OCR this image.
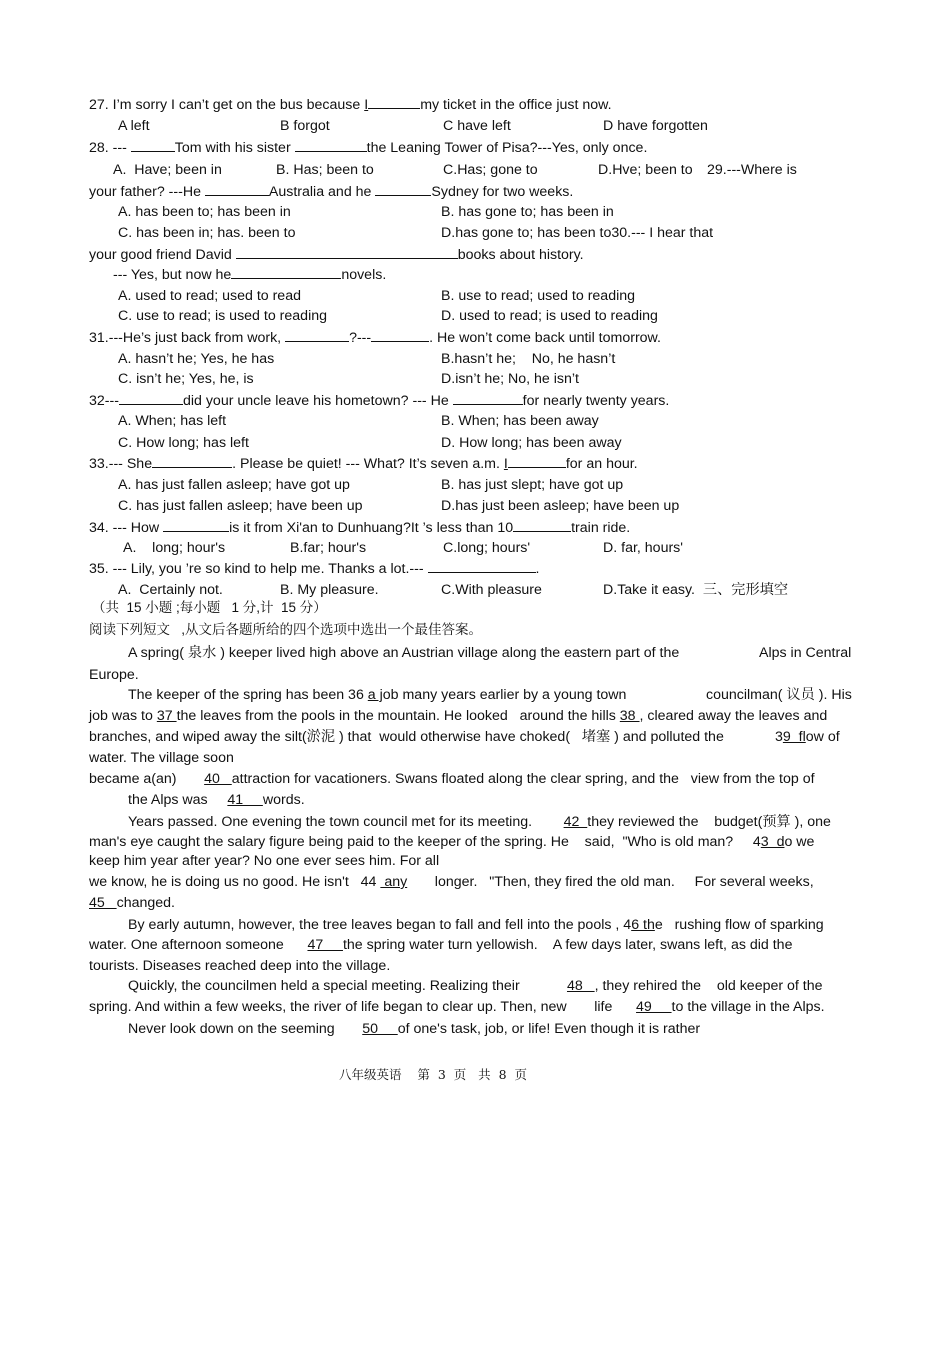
27. I’m sorry I can’t get on the bus because I	my ticket in the office just now.
A left	B forgot	C have left	D have forgotten
28. ---	Tom with his sister	the Leaning Tower of Pisa?---Yes, only once.
A.  Have; been in	B. Has; been to	C.Has; gone to	D.Hve; been to 29.---Where is
your father? ---He	Australia and he	Sydney for two weeks.
A. has been to; has been in	B. has gone to; has been in
C. has been in; has. been to	D.has gone to; has been to30.--- I hear that
your good friend David	books about history.
--- Yes, but now he	novels.
A. used to read; used to read	B. use to read; used to reading
C. use to read; is used to reading	D. used to read; is used to reading
31.---He’s just back from work,	?---	. He won’t come back until tomorrow.
A. hasn’t he; Yes, he has	B.hasn’t he;    No, he hasn’t
C. isn’t he; Yes, he, is	D.isn’t he; No, he isn’t
32---	did your uncle leave his hometown? --- He	for nearly twenty years.
A. When; has left	B. When; has been away
C. How long; has left	D. How long; has been away
33.--- She	. Please be quiet! --- What? It’s seven a.m. I	for an hour.
A. has just fallen asleep; have got up	B. has just slept; have got up
C. has just fallen asleep; have been up	D.has just been asleep; have been up
34. --- How	is it from Xi'an to Dunhuang?It ’s less than 10	train ride.
A.    long; hour's	B.far; hour's	C.long; hours'	D. far, hours'
35. --- Lily, you ’re so kind to help me. Thanks a lot.---	.
A.  Certainly not.	B. My pleasure.	C.With pleasure	D.Take it easy. 三、完形填空
（共  15 小题 ;每小题   1 分,计  15 分）
阅读下列短文   ,从文后各题所给的四个选项中选出一个最佳答案。
A spring( 泉水 ) keeper lived high above an Austrian village along the eastern part of the	Alps in Central
Europe.
The keeper of the spring has been 36 a job many years earlier by a young town	councilman( 议员 ). His
job was to 37 the leaves from the pools in the mountain. He looked   around the hills 38 , cleared away the leaves and
branches, and wiped away the silt(淤泥 ) that  would otherwise have choked(   堵塞 ) and polluted the	39  flow of
water. The village soon
became a(an) 40   attraction for vacationers. Swans floated along the clear spring, and the   view from the top of
the Alps was 41     words.
Years passed. One evening the town council met for its meeting. 42  they reviewed the    budget(预算 ), one
man's eye caught the salary figure being paid to the keeper of the spring. He    said,  "Who is old man? 43  do we
keep him year after year? No one ever sees him. For all
we know, he is doing us no good. He isn't   44  any longer.   "Then, they fired the old man. For several weeks,
45   changed.
By early autumn, however, the tree leaves began to fall and fell into the pools , 46 the   rushing flow of sparking
water. One afternoon someone 47     the spring water turn yellowish.    A few days later, swans left, as did the
tourists. Diseases reached deep into the village.
Quickly, the councilmen held a special meeting. Realizing their	48   , they rehired the    old keeper of the
spring. And within a few weeks, the river of life began to clear up. Then, new life 49     to the village in the Alps.
Never look down on the seeming 50     of one's task, job, or life! Even though it is rather
八年级英语    第  3  页   共  8  页
